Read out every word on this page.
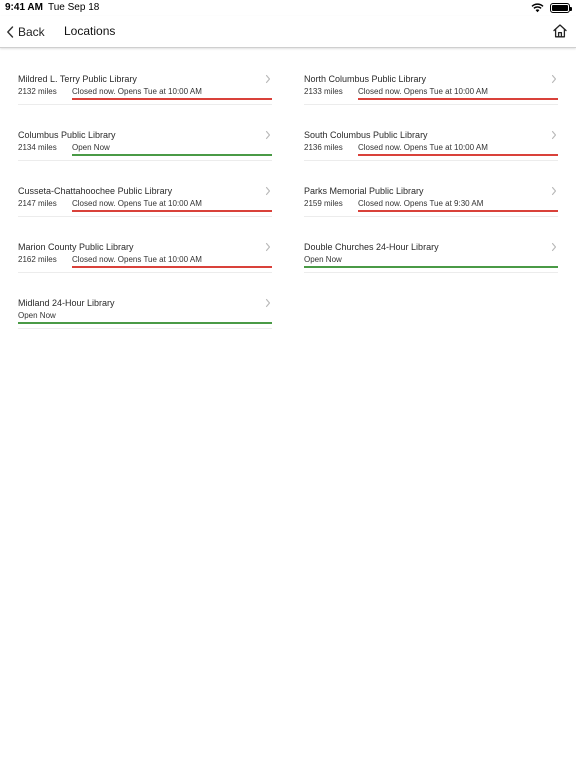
9:41 AM Tue Sep 18
Back Locations
Mildred L. Terry Public Library
2132 miles Closed now. Opens Tue at 10:00 AM
North Columbus Public Library
2133 miles Closed now. Opens Tue at 10:00 AM
Columbus Public Library
2134 miles Open Now
South Columbus Public Library
2136 miles Closed now. Opens Tue at 10:00 AM
Cusseta-Chattahoochee Public Library
2147 miles Closed now. Opens Tue at 10:00 AM
Parks Memorial Public Library
2159 miles Closed now. Opens Tue at 9:30 AM
Marion County Public Library
2162 miles Closed now. Opens Tue at 10:00 AM
Double Churches 24-Hour Library
Open Now
Midland 24-Hour Library
Open Now
